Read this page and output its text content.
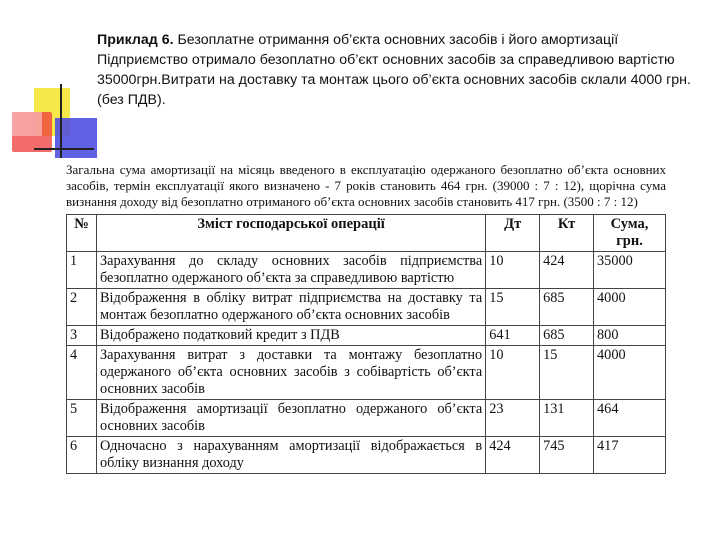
Приклад 6. Безоплатне отримання об’єкта основних засобів і його амортизації
Підприємство отримало безоплатно об’єкт основних засобів за справедливою вартістю 35000грн.Витрати на доставку та монтаж цього об’єкта основних засобів склали 4000 грн. (без ПДВ).

Загальна сума амортизації на місяць введеного в експлуатацію одержаного безоплатно об’єкта основних засобів, термін експлуатації якого визначено - 7 років становить 464 грн. (39000 : 7 : 12), щорічна сума визнання доходу від безоплатно отриманого об’єкта основних засобів становить 417 грн. (3500 : 7 : 12)

№	Зміст господарської операції	Дт	Кт	Сума, грн.
1	Зарахування до складу основних засобів підприємства безоплатно одержаного об’єкта за справедливою вартістю	10	424	35000
2	Відображення в обліку витрат підприємства на доставку та монтаж безоплатно одержаного об’єкта основних засобів	15	685	4000
3	Відображено податковий кредит з ПДВ	641	685	800
4	Зарахування витрат з доставки та монтажу безоплатно одержаного об’єкта основних засобів з собівартість об’єкта основних засобів	10	15	4000
5	Відображення амортизації безоплатно одержаного об’єкта основних засобів	23	131	464
6	Одночасно з нарахуванням амортизації відображається в обліку визнання доходу	424	745	417
